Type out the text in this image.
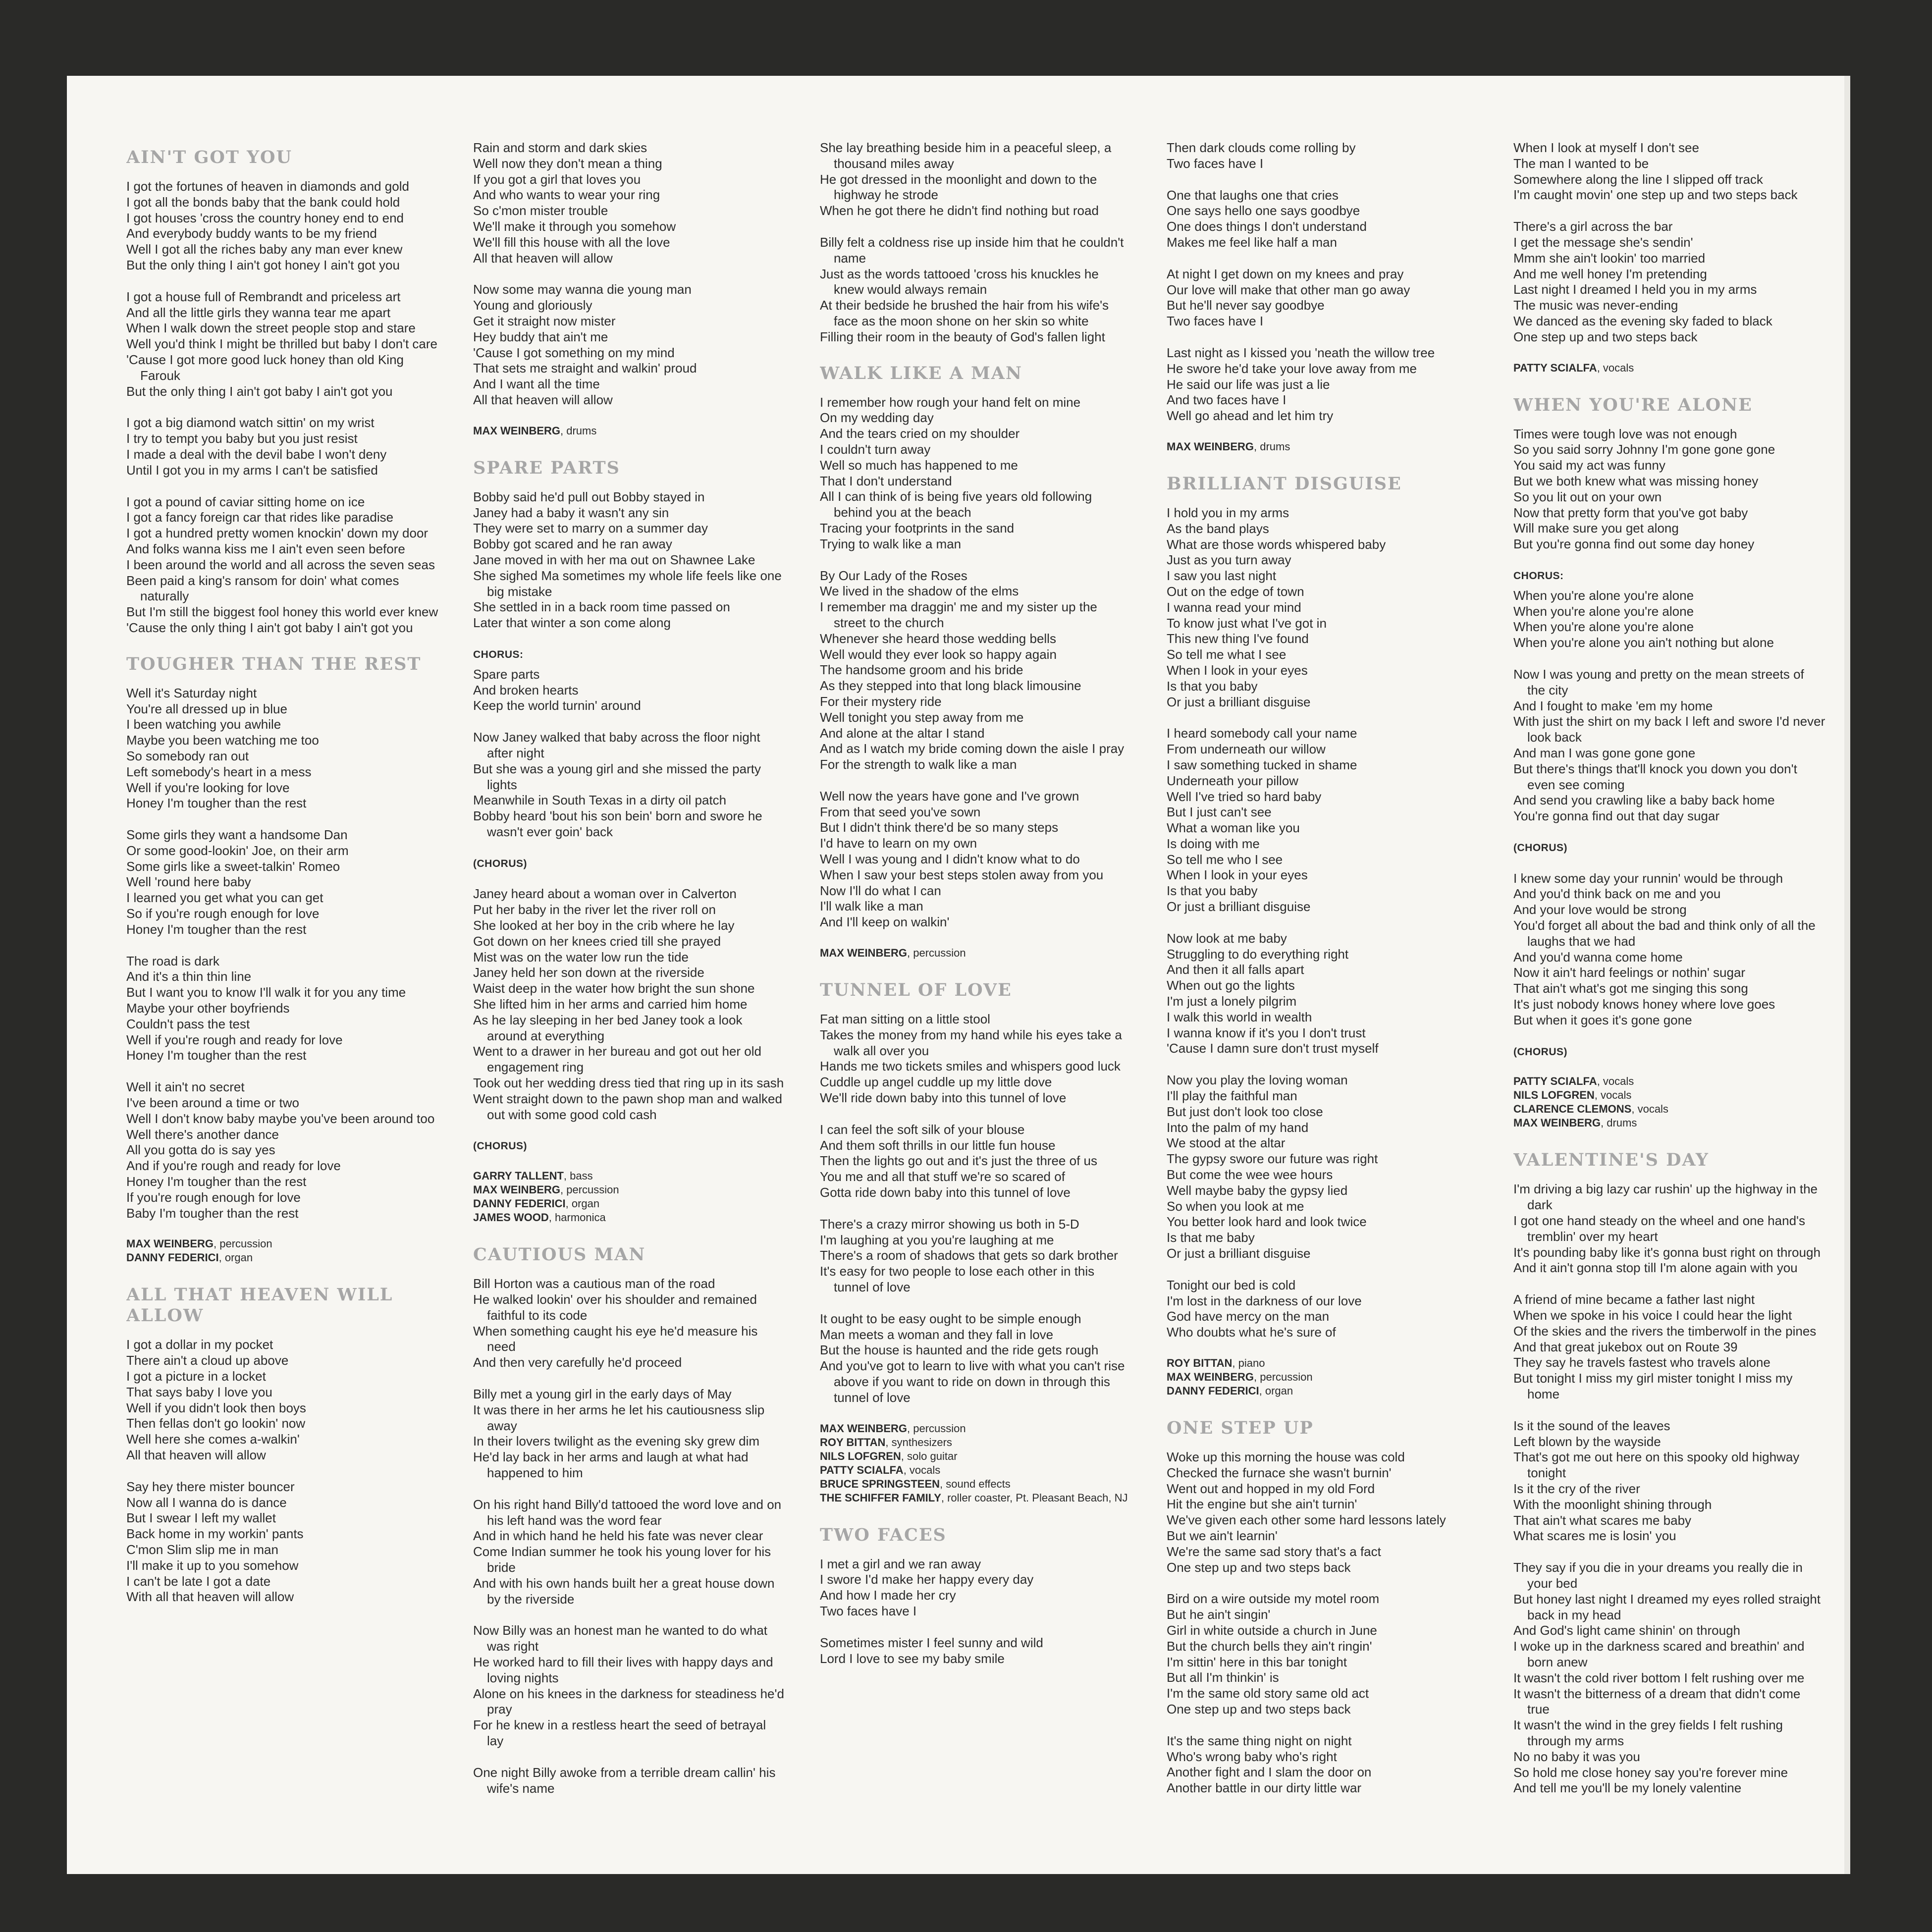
AIN'T GOT YOU
I got the fortunes of heaven in diamonds and gold
I got all the bonds baby that the bank could hold
I got houses 'cross the country honey end to end
And everybody buddy wants to be my friend
Well I got all the riches baby any man ever knew
But the only thing I ain't got honey I ain't got you
I got a house full of Rembrandt and priceless art
And all the little girls they wanna tear me apart
When I walk down the street people stop and stare
Well you'd think I might be thrilled but baby I don't care
'Cause I got more good luck honey than old King Farouk
But the only thing I ain't got baby I ain't got you
I got a big diamond watch sittin' on my wrist
I try to tempt you baby but you just resist
I made a deal with the devil babe I won't deny
Until I got you in my arms I can't be satisfied
I got a pound of caviar sitting home on ice
I got a fancy foreign car that rides like paradise
I got a hundred pretty women knockin' down my door
And folks wanna kiss me I ain't even seen before
I been around the world and all across the seven seas
Been paid a king's ransom for doin' what comes naturally
But I'm still the biggest fool honey this world ever knew
'Cause the only thing I ain't got baby I ain't got you
TOUGHER THAN THE REST
Well it's Saturday night
You're all dressed up in blue
I been watching you awhile
Maybe you been watching me too
So somebody ran out
Left somebody's heart in a mess
Well if you're looking for love
Honey I'm tougher than the rest
Some girls they want a handsome Dan
Or some good-lookin' Joe, on their arm
Some girls like a sweet-talkin' Romeo
Well 'round here baby
I learned you get what you can get
So if you're rough enough for love
Honey I'm tougher than the rest
The road is dark
And it's a thin thin line
But I want you to know I'll walk it for you any time
Maybe your other boyfriends
Couldn't pass the test
Well if you're rough and ready for love
Honey I'm tougher than the rest
Well it ain't no secret
I've been around a time or two
Well I don't know baby maybe you've been around too
Well there's another dance
All you gotta do is say yes
And if you're rough and ready for love
Honey I'm tougher than the rest
If you're rough enough for love
Baby I'm tougher than the rest
MAX WEINBERG, percussion
DANNY FEDERICI, organ
ALL THAT HEAVEN WILL ALLOW
I got a dollar in my pocket
There ain't a cloud up above
I got a picture in a locket
That says baby I love you
Well if you didn't look then boys
Then fellas don't go lookin' now
Well here she comes a-walkin'
All that heaven will allow
Say hey there mister bouncer
Now all I wanna do is dance
But I swear I left my wallet
Back home in my workin' pants
C'mon Slim slip me in man
I'll make it up to you somehow
I can't be late I got a date
With all that heaven will allow
Rain and storm and dark skies
Well now they don't mean a thing
If you got a girl that loves you
And who wants to wear your ring
So c'mon mister trouble
We'll make it through you somehow
We'll fill this house with all the love
All that heaven will allow
Now some may wanna die young man
Young and gloriously
Get it straight now mister
Hey buddy that ain't me
'Cause I got something on my mind
That sets me straight and walkin' proud
And I want all the time
All that heaven will allow
MAX WEINBERG, drums
SPARE PARTS
Bobby said he'd pull out Bobby stayed in
Janey had a baby it wasn't any sin
They were set to marry on a summer day
Bobby got scared and he ran away
Jane moved in with her ma out on Shawnee Lake
She sighed Ma sometimes my whole life feels like one big mistake
She settled in in a back room time passed on
Later that winter a son come along
CHORUS:
Spare parts
And broken hearts
Keep the world turnin' around
Now Janey walked that baby across the floor night after night
But she was a young girl and she missed the party lights
Meanwhile in South Texas in a dirty oil patch
Bobby heard 'bout his son bein' born and swore he wasn't ever goin' back
(CHORUS)
Janey heard about a woman over in Calverton
Put her baby in the river let the river roll on
She looked at her boy in the crib where he lay
Got down on her knees cried till she prayed
Mist was on the water low run the tide
Janey held her son down at the riverside
Waist deep in the water how bright the sun shone
She lifted him in her arms and carried him home
As he lay sleeping in her bed Janey took a look around at everything
Went to a drawer in her bureau and got out her old engagement ring
Took out her wedding dress tied that ring up in its sash
Went straight down to the pawn shop man and walked out with some good cold cash
(CHORUS)
GARRY TALLENT, bass
MAX WEINBERG, percussion
DANNY FEDERICI, organ
JAMES WOOD, harmonica
CAUTIOUS MAN
Bill Horton was a cautious man of the road
He walked lookin' over his shoulder and remained faithful to its code
When something caught his eye he'd measure his need
And then very carefully he'd proceed
Billy met a young girl in the early days of May
It was there in her arms he let his cautiousness slip away
In their lovers twilight as the evening sky grew dim
He'd lay back in her arms and laugh at what had happened to him
On his right hand Billy'd tattooed the word love and on his left hand was the word fear
And in which hand he held his fate was never clear
Come Indian summer he took his young lover for his bride
And with his own hands built her a great house down by the riverside
Now Billy was an honest man he wanted to do what was right
He worked hard to fill their lives with happy days and loving nights
Alone on his knees in the darkness for steadiness he'd pray
For he knew in a restless heart the seed of betrayal lay
One night Billy awoke from a terrible dream callin' his wife's name
She lay breathing beside him in a peaceful sleep, a thousand miles away
He got dressed in the moonlight and down to the highway he strode
When he got there he didn't find nothing but road
Billy felt a coldness rise up inside him that he couldn't name
Just as the words tattooed 'cross his knuckles he knew would always remain
At their bedside he brushed the hair from his wife's face as the moon shone on her skin so white
Filling their room in the beauty of God's fallen light
WALK LIKE A MAN
I remember how rough your hand felt on mine
On my wedding day
And the tears cried on my shoulder
I couldn't turn away
Well so much has happened to me
That I don't understand
All I can think of is being five years old following behind you at the beach
Tracing your footprints in the sand
Trying to walk like a man
By Our Lady of the Roses
We lived in the shadow of the elms
I remember ma draggin' me and my sister up the street to the church
Whenever she heard those wedding bells
Well would they ever look so happy again
The handsome groom and his bride
As they stepped into that long black limousine
For their mystery ride
Well tonight you step away from me
And alone at the altar I stand
And as I watch my bride coming down the aisle I pray
For the strength to walk like a man
Well now the years have gone and I've grown
From that seed you've sown
But I didn't think there'd be so many steps
I'd have to learn on my own
Well I was young and I didn't know what to do
When I saw your best steps stolen away from you
Now I'll do what I can
I'll walk like a man
And I'll keep on walkin'
MAX WEINBERG, percussion
TUNNEL OF LOVE
Fat man sitting on a little stool
Takes the money from my hand while his eyes take a walk all over you
Hands me two tickets smiles and whispers good luck
Cuddle up angel cuddle up my little dove
We'll ride down baby into this tunnel of love
I can feel the soft silk of your blouse
And them soft thrills in our little fun house
Then the lights go out and it's just the three of us
You me and all that stuff we're so scared of
Gotta ride down baby into this tunnel of love
There's a crazy mirror showing us both in 5-D
I'm laughing at you you're laughing at me
There's a room of shadows that gets so dark brother
It's easy for two people to lose each other in this tunnel of love
It ought to be easy ought to be simple enough
Man meets a woman and they fall in love
But the house is haunted and the ride gets rough
And you've got to learn to live with what you can't rise above if you want to ride on down in through this tunnel of love
MAX WEINBERG, percussion
ROY BITTAN, synthesizers
NILS LOFGREN, solo guitar
PATTY SCIALFA, vocals
BRUCE SPRINGSTEEN, sound effects
THE SCHIFFER FAMILY, roller coaster, Pt. Pleasant Beach, NJ
TWO FACES
I met a girl and we ran away
I swore I'd make her happy every day
And how I made her cry
Two faces have I
Sometimes mister I feel sunny and wild
Lord I love to see my baby smile
Then dark clouds come rolling by
Two faces have I
One that laughs one that cries
One says hello one says goodbye
One does things I don't understand
Makes me feel like half a man
At night I get down on my knees and pray
Our love will make that other man go away
But he'll never say goodbye
Two faces have I
Last night as I kissed you 'neath the willow tree
He swore he'd take your love away from me
He said our life was just a lie
And two faces have I
Well go ahead and let him try
MAX WEINBERG, drums
BRILLIANT DISGUISE
I hold you in my arms
As the band plays
What are those words whispered baby
Just as you turn away
I saw you last night
Out on the edge of town
I wanna read your mind
To know just what I've got in
This new thing I've found
So tell me what I see
When I look in your eyes
Is that you baby
Or just a brilliant disguise
I heard somebody call your name
From underneath our willow
I saw something tucked in shame
Underneath your pillow
Well I've tried so hard baby
But I just can't see
What a woman like you
Is doing with me
So tell me who I see
When I look in your eyes
Is that you baby
Or just a brilliant disguise
Now look at me baby
Struggling to do everything right
And then it all falls apart
When out go the lights
I'm just a lonely pilgrim
I walk this world in wealth
I wanna know if it's you I don't trust
'Cause I damn sure don't trust myself
Now you play the loving woman
I'll play the faithful man
But just don't look too close
Into the palm of my hand
We stood at the altar
The gypsy swore our future was right
But come the wee wee hours
Well maybe baby the gypsy lied
So when you look at me
You better look hard and look twice
Is that me baby
Or just a brilliant disguise
Tonight our bed is cold
I'm lost in the darkness of our love
God have mercy on the man
Who doubts what he's sure of
ROY BITTAN, piano
MAX WEINBERG, percussion
DANNY FEDERICI, organ
ONE STEP UP
Woke up this morning the house was cold
Checked the furnace she wasn't burnin'
Went out and hopped in my old Ford
Hit the engine but she ain't turnin'
We've given each other some hard lessons lately
But we ain't learnin'
We're the same sad story that's a fact
One step up and two steps back
Bird on a wire outside my motel room
But he ain't singin'
Girl in white outside a church in June
But the church bells they ain't ringin'
I'm sittin' here in this bar tonight
But all I'm thinkin' is
I'm the same old story same old act
One step up and two steps back
It's the same thing night on night
Who's wrong baby who's right
Another fight and I slam the door on
Another battle in our dirty little war
When I look at myself I don't see
The man I wanted to be
Somewhere along the line I slipped off track
I'm caught movin' one step up and two steps back
There's a girl across the bar
I get the message she's sendin'
Mmm she ain't lookin' too married
And me well honey I'm pretending
Last night I dreamed I held you in my arms
The music was never-ending
We danced as the evening sky faded to black
One step up and two steps back
PATTY SCIALFA, vocals
WHEN YOU'RE ALONE
Times were tough love was not enough
So you said sorry Johnny I'm gone gone gone
You said my act was funny
But we both knew what was missing honey
So you lit out on your own
Now that pretty form that you've got baby
Will make sure you get along
But you're gonna find out some day honey
CHORUS:
When you're alone you're alone
When you're alone you're alone
When you're alone you're alone
When you're alone you ain't nothing but alone
Now I was young and pretty on the mean streets of the city
And I fought to make 'em my home
With just the shirt on my back I left and swore I'd never look back
And man I was gone gone gone
But there's things that'll knock you down you don't even see coming
And send you crawling like a baby back home
You're gonna find out that day sugar
(CHORUS)
I knew some day your runnin' would be through
And you'd think back on me and you
And your love would be strong
You'd forget all about the bad and think only of all the laughs that we had
And you'd wanna come home
Now it ain't hard feelings or nothin' sugar
That ain't what's got me singing this song
It's just nobody knows honey where love goes
But when it goes it's gone gone
(CHORUS)
PATTY SCIALFA, vocals
NILS LOFGREN, vocals
CLARENCE CLEMONS, vocals
MAX WEINBERG, drums
VALENTINE'S DAY
I'm driving a big lazy car rushin' up the highway in the dark
I got one hand steady on the wheel and one hand's tremblin' over my heart
It's pounding baby like it's gonna bust right on through
And it ain't gonna stop till I'm alone again with you
A friend of mine became a father last night
When we spoke in his voice I could hear the light
Of the skies and the rivers the timberwolf in the pines
And that great jukebox out on Route 39
They say he travels fastest who travels alone
But tonight I miss my girl mister tonight I miss my home
Is it the sound of the leaves
Left blown by the wayside
That's got me out here on this spooky old highway tonight
Is it the cry of the river
With the moonlight shining through
That ain't what scares me baby
What scares me is losin' you
They say if you die in your dreams you really die in your bed
But honey last night I dreamed my eyes rolled straight back in my head
And God's light came shinin' on through
I woke up in the darkness scared and breathin' and born anew
It wasn't the cold river bottom I felt rushing over me
It wasn't the bitterness of a dream that didn't come true
It wasn't the wind in the grey fields I felt rushing through my arms
No no baby it was you
So hold me close honey say you're forever mine
And tell me you'll be my lonely valentine
